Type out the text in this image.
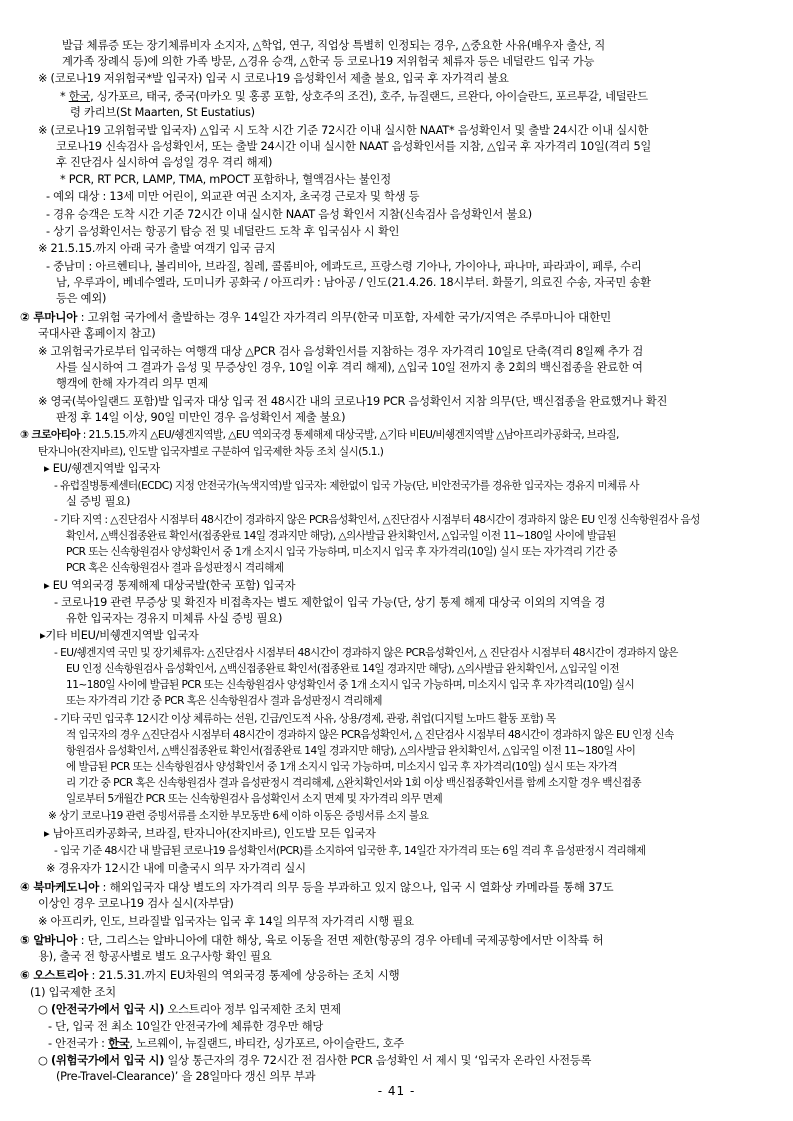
발급 체류증 또는 장기체류비자 소지자, △학업, 연구, 직업상 특별히 인정되는 경우, △중요한 사유(배우자 출산, 직
계가족 장례식 등)에 의한 가족 방문, △경유 승객, △한국 등 코로나19 저위험국 체류자 등은 네덜란드 입국 가능
※ (코로나19 저위험국*발 입국자) 입국 시 코로나19 음성확인서 제출 불요, 입국 후 자가격리 불요
* 한국, 싱가포르, 태국, 중국(마카오 및 홍콩 포함, 상호주의 조건), 호주, 뉴질랜드, 르완다, 아이슬란드, 포르투갈, 네덜란드
령 카리브(St Maarten, St Eustatius)
※ (코로나19 고위험국발 입국자) △입국 시 도착 시간 기준 72시간 이내 실시한 NAAT* 음성확인서 및 출발 24시간 이내 실시한
코로나19 신속검사 음성확인서, 또는 출발 24시간 이내 실시한 NAAT 음성확인서를 지참, △입국 후 자가격리 10일(격리 5일
후 진단검사 실시하여 음성일 경우 격리 해제)
* PCR, RT PCR, LAMP, TMA, mPOCT 포함하나, 혈액검사는 불인정
- 예외 대상 : 13세 미만 어린이, 외교관 여권 소지자, 초국경 근로자 및 학생 등
- 경유 승객은 도착 시간 기준 72시간 이내 실시한 NAAT 음성 확인서 지참(신속검사 음성확인서 불요)
- 상기 음성확인서는 항공기 탑승 전 및 네덜란드 도착 후 입국심사 시 확인
※ 21.5.15.까지 아래 국가 출발 여객기 입국 금지
- 중남미 : 아르헨티나, 볼리비아, 브라질, 칠레, 콜롬비아, 에콰도르, 프랑스령 기아나, 가이아나, 파나마, 파라과이, 페루, 수리
남, 우루과이, 베네수엘라, 도미니카 공화국 / 아프리카 : 남아공 / 인도(21.4.26. 18시부터. 화물기, 의료진 수송, 자국민 송환
등은 예외)
② 루마니아 : 고위험 국가에서 출발하는 경우 14일간 자가격리 의무(한국 미포함, 자세한 국가/지역은 주루마니아 대한민
국대사관 홈페이지 참고)
※ 고위험국가로부터 입국하는 여행객 대상 △PCR 검사 음성확인서를 지참하는 경우 자가격리 10일로 단축(격리 8일째 추가 검
사를 실시하여 그 결과가 음성 및 무증상인 경우, 10일 이후 격리 해제), △입국 10일 전까지 총 2회의 백신접종을 완료한 여
행객에 한해 자가격리 의무 면제
※ 영국(북아일랜드 포함)발 입국자 대상 입국 전 48시간 내의 코로나19 PCR 음성확인서 지참 의무(단, 백신접종을 완료했거나 확진
판정 후 14일 이상, 90일 미만인 경우 음성확인서 제출 불요)
③ 크로아티아 : 21.5.15.까지 △EU/쉥겐지역발, △EU 역외국경 통제해제 대상국발, △기타 비EU/비쉥겐지역발 △남아프리카공화국, 브라질,
탄자니아(잔지바르), 인도발 입국자별로 구분하여 입국제한 차등 조치 실시(5.1.)
▸ EU/쉥겐지역발 입국자
- 유럽질병통제센터(ECDC) 지정 안전국가(녹색지역)발 입국자: 제한없이 입국 가능(단, 비안전국가를 경유한 입국자는 경유지 미체류 사
실 증빙 필요)
- 기타 지역 : △진단검사 시점부터 48시간이 경과하지 않은 PCR음성확인서, △진단검사 시점부터 48시간이 경과하지 않은 EU 인정 신속항원검사 음성
확인서, △백신접종완료 확인서(접종완료 14일 경과지만 해당), △의사발급 완치확인서, △입국일 이전 11~180일 사이에 발급된
PCR 또는 신속항원검사 양성확인서 중 1개 소지시 입국 가능하며, 미소지시 입국 후 자가격리(10일) 실시 또는 자가격리 기간 중
PCR 혹은 신속항원검사 결과 음성판정시 격리해제
▸ EU 역외국경 통제해제 대상국발(한국 포함) 입국자
- 코로나19 관련 무증상 및 확진자 비접촉자는 별도 제한없이 입국 가능(단, 상기 통제 해제 대상국 이외의 지역을 경
유한 입국자는 경유지 미체류 사실 증빙 필요)
▸기타 비EU/비쉥겐지역발 입국자
- EU/쉥겐지역 국민 및 장기체류자: △진단검사 시점부터 48시간이 경과하지 않은 PCR음성확인서, △ 진단검사 시점부터 48시간이 경과하지 않은
EU 인정 신속항원검사 음성확인서, △백신접종완료 확인서(접종완료 14일 경과지만 해당), △의사발급 완치확인서, △입국일 이전
11~180일 사이에 발급된 PCR 또는 신속항원검사 양성확인서 중 1개 소지시 입국 가능하며, 미소지시 입국 후 자가격리(10일) 실시
또는 자가격리 기간 중 PCR 혹은 신속항원검사 결과 음성판정시 격리해제
- 기타 국민 입국후 12시간 이상 체류하는 선원, 긴급/인도적 사유, 상용/경제, 관광, 취업(디지털 노마드 활동 포함) 목
적 입국자의 경우 △진단검사 시점부터 48시간이 경과하지 않은 PCR음성확인서, △ 진단검사 시점부터 48시간이 경과하지 않은 EU 인정 신속
항원검사 음성확인서, △백신접종완료 확인서(접종완료 14일 경과지만 해당), △의사발급 완치확인서, △입국일 이전 11~180일 사이
에 발급된 PCR 또는 신속항원검사 양성확인서 중 1개 소지시 입국 가능하며, 미소지시 입국 후 자가격리(10일) 실시 또는 자가격
리 기간 중 PCR 혹은 신속항원검사 결과 음성판정시 격리해제, △완치확인서와 1회 이상 백신접종확인서를 함께 소지할 경우 백신접종
일로부터 5개월간 PCR 또는 신속항원검사 음성확인서 소지 면제 및 자가격리 의무 면제
※ 상기 코로나19 관련 증빙서류를 소지한 부모동반 6세 이하 이동은 증빙서류 소지 불요
▸ 남아프리카공화국, 브라질, 탄자니아(잔지바르), 인도발 모든 입국자
- 입국 기준 48시간 내 발급된 코로나19 음성확인서(PCR)를 소지하여 입국한 후, 14일간 자가격리 또는 6일 격리 후 음성판정시 격리해제
※ 경유자가 12시간 내에 미출국시 의무 자가격리 실시
④ 북마케도니아 : 해외입국자 대상 별도의 자가격리 의무 등을 부과하고 있지 않으나, 입국 시 열화상 카메라를 통해 37도
이상인 경우 코로나19 검사 실시(자부담)
※ 아프리카, 인도, 브라질발 입국자는 입국 후 14일 의무적 자가격리 시행 필요
⑤ 알바니아 : 단, 그리스는 알바니아에 대한 해상, 육로 이동을 전면 제한(항공의 경우 아테네 국제공항에서만 이착륙 허
용), 출국 전 항공사별로 별도 요구사항 확인 필요
⑥ 오스트리아 : 21.5.31.까지 EU차원의 역외국경 통제에 상응하는 조치 시행
(1) 입국제한 조치
○ (안전국가에서 입국 시) 오스트리아 정부 입국제한 조치 면제
- 단, 입국 전 최소 10일간 안전국가에 체류한 경우만 해당
- 안전국가 : 한국, 노르웨이, 뉴질랜드, 바티칸, 싱가포르, 아이슬란드, 호주
○ (위험국가에서 입국 시) 일상 통근자의 경우 72시간 전 검사한 PCR 음성확인 서 제시 및 ‘입국자 온라인 사전등록
(Pre-Travel-Clearance)’ 을 28일마다 갱신 의무 부과
- 41 -
